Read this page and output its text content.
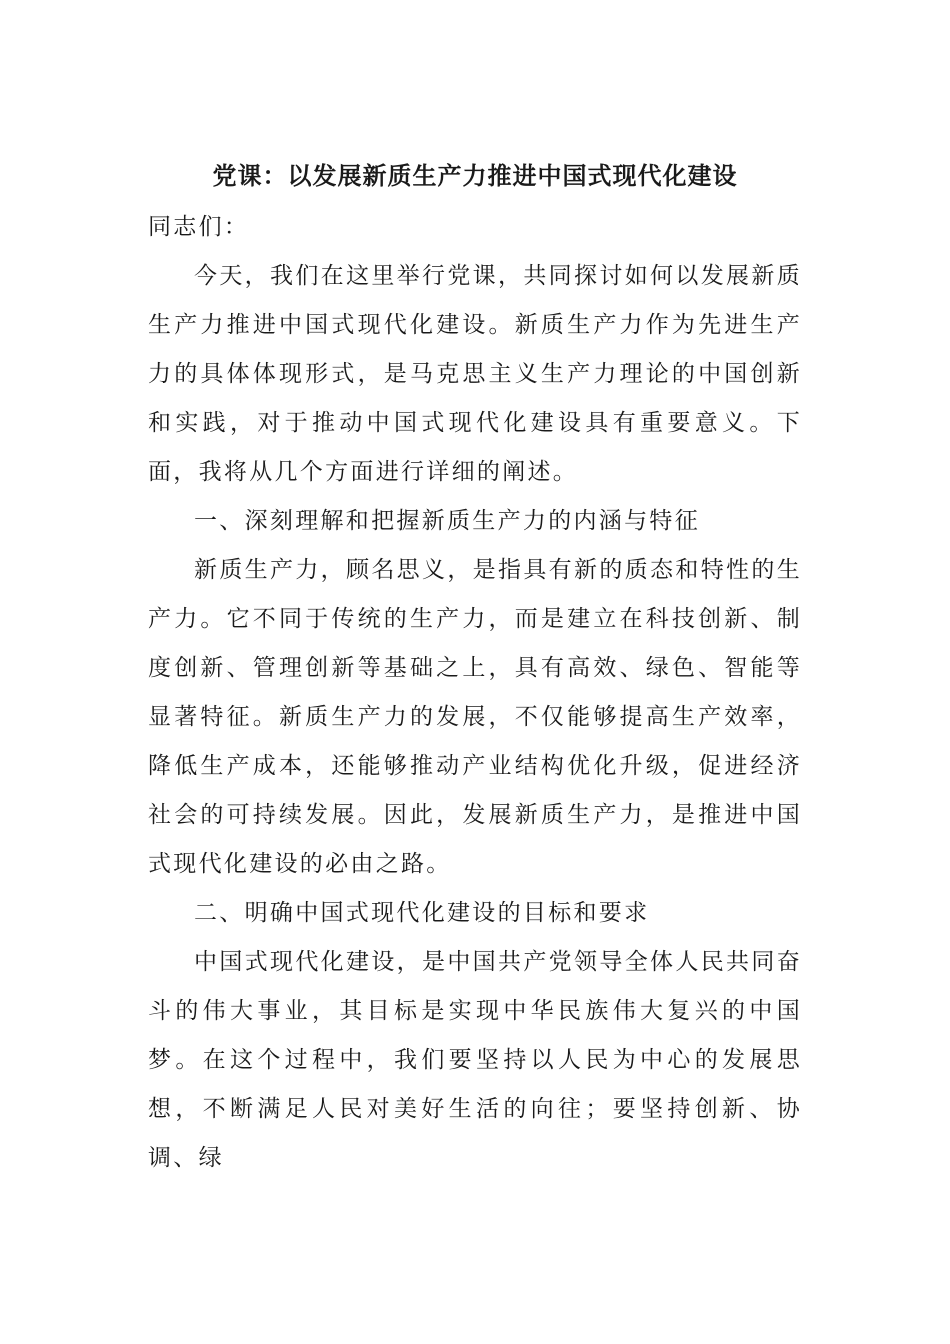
党课：以发展新质生产力推进中国式现代化建设

同志们：

今天，我们在这里举行党课，共同探讨如何以发展新质生产力推进中国式现代化建设。新质生产力作为先进生产力的具体体现形式，是马克思主义生产力理论的中国创新和实践，对于推动中国式现代化建设具有重要意义。下面，我将从几个方面进行详细的阐述。

一、深刻理解和把握新质生产力的内涵与特征

新质生产力，顾名思义，是指具有新的质态和特性的生产力。它不同于传统的生产力，而是建立在科技创新、制度创新、管理创新等基础之上，具有高效、绿色、智能等显著特征。新质生产力的发展，不仅能够提高生产效率，降低生产成本，还能够推动产业结构优化升级，促进经济社会的可持续发展。因此，发展新质生产力，是推进中国式现代化建设的必由之路。

二、明确中国式现代化建设的目标和要求

中国式现代化建设，是中国共产党领导全体人民共同奋斗的伟大事业，其目标是实现中华民族伟大复兴的中国梦。在这个过程中，我们要坚持以人民为中心的发展思想，不断满足人民对美好生活的向往；要坚持创新、协调、绿
